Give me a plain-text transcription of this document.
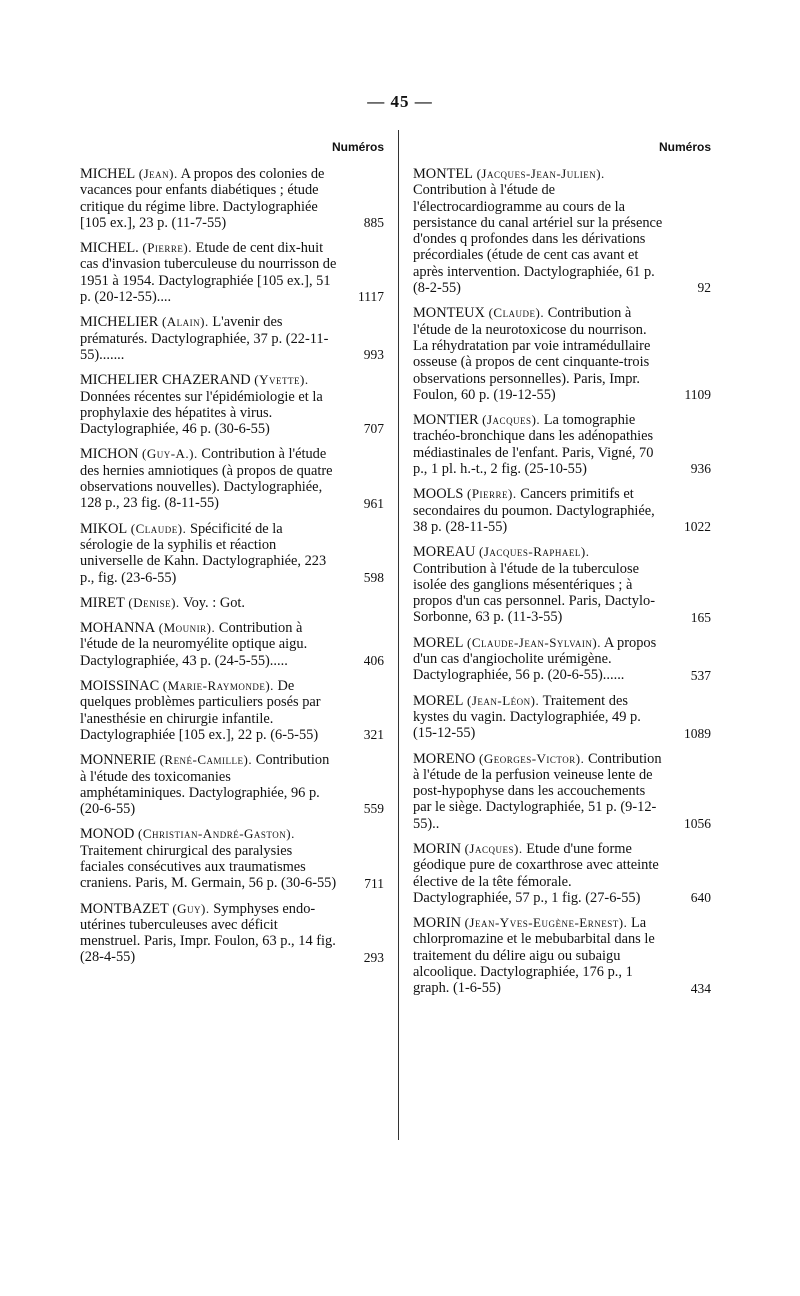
— 45 —
Numéros
MICHEL (Jean). A propos des colonies de vacances pour enfants diabétiques ; étude critique du régime libre. Dactylographiée [105 ex.], 23 p. (11-7-55)	885
MICHEL. (Pierre). Etude de cent dix-huit cas d'invasion tuberculeuse du nourrisson de 1951 à 1954. Dactylographiée [105 ex.], 51 p. (20-12-55)....	1117
MICHELIER (Alain). L'avenir des prématurés. Dactylographiée, 37 p. (22-11-55).......	993
MICHELIER CHAZERAND (Yvette). Données récentes sur l'épidémiologie et la prophylaxie des hépatites à virus. Dactylographiée, 46 p. (30-6-55)	707
MICHON (Guy-A.). Contribution à l'étude des hernies amniotiques (à propos de quatre observations nouvelles). Dactylographiée, 128 p., 23 fig. (8-11-55)	961
MIKOL (Claude). Spécificité de la sérologie de la syphilis et réaction universelle de Kahn. Dactylographiée, 223 p., fig. (23-6-55)	598
MIRET (Denise). Voy. : Got.
MOHANNA (Mounir). Contribution à l'étude de la neuromyélite optique aigu. Dactylographiée, 43 p. (24-5-55).....	406
MOISSINAC (Marie-Raymonde). De quelques problèmes particuliers posés par l'anesthésie en chirurgie infantile. Dactylographiée [105 ex.], 22 p. (6-5-55)	321
MONNERIE (René-Camille). Contribution à l'étude des toxicomanies amphétaminiques. Dactylographiée, 96 p. (20-6-55)	559
MONOD (Christian-André-Gaston). Traitement chirurgical des paralysies faciales consécutives aux traumatismes craniens. Paris, M. Germain, 56 p. (30-6-55) 711
MONTBAZET (Guy). Symphyses endo-utérines tuberculeuses avec déficit menstruel. Paris, Impr. Foulon, 63 p., 14 fig. (28-4-55)	293
Numéros
MONTEL (Jacques-Jean-Julien). Contribution à l'étude de l'électrocardiogramme au cours de la persistance du canal artériel sur la présence d'ondes q profondes dans les dérivations précordiales (étude de cent cas avant et après intervention. Dactylographiée, 61 p. (8-2-55)	92
MONTEUX (Claude). Contribution à l'étude de la neurotoxicose du nourrison. La réhydratation par voie intramédullaire osseuse (à propos de cent cinquante-trois observations personnelles). Paris, Impr. Foulon, 60 p. (19-12-55)	1109
MONTIER (Jacques). La tomographie trachéo-bronchique dans les adénopathies médiastinales de l'enfant. Paris, Vigné, 70 p., 1 pl. h.-t., 2 fig. (25-10-55)	936
MOOLS (Pierre). Cancers primitifs et secondaires du poumon. Dactylographiée, 38 p. (28-11-55)	1022
MOREAU (Jacques-Raphael). Contribution à l'étude de la tuberculose isolée des ganglions mésentériques ; à propos d'un cas personnel. Paris, Dactylo-Sorbonne, 63 p. (11-3-55)	165
MOREL (Claude-Jean-Sylvain). A propos d'un cas d'angiocholite urémigène. Dactylographiée, 56 p. (20-6-55)......	537
MOREL (Jean-Léon). Traitement des kystes du vagin. Dactylographiée, 49 p. (15-12-55)	1089
MORENO (Georges-Victor). Contribution à l'étude de la perfusion veineuse lente de post-hypophyse dans les accouchements par le siège. Dactylographiée, 51 p. (9-12-55)..	1056
MORIN (Jacques). Etude d'une forme géodique pure de coxarthrose avec atteinte élective de la tête fémorale. Dactylographiée, 57 p., 1 fig. (27-6-55)	640
MORIN (Jean-Yves-Eugène-Ernest). La chlorpromazine et le mebubarbital dans le traitement du délire aigu ou subaigu alcoolique. Dactylographiée, 176 p., 1 graph. (1-6-55)	434
